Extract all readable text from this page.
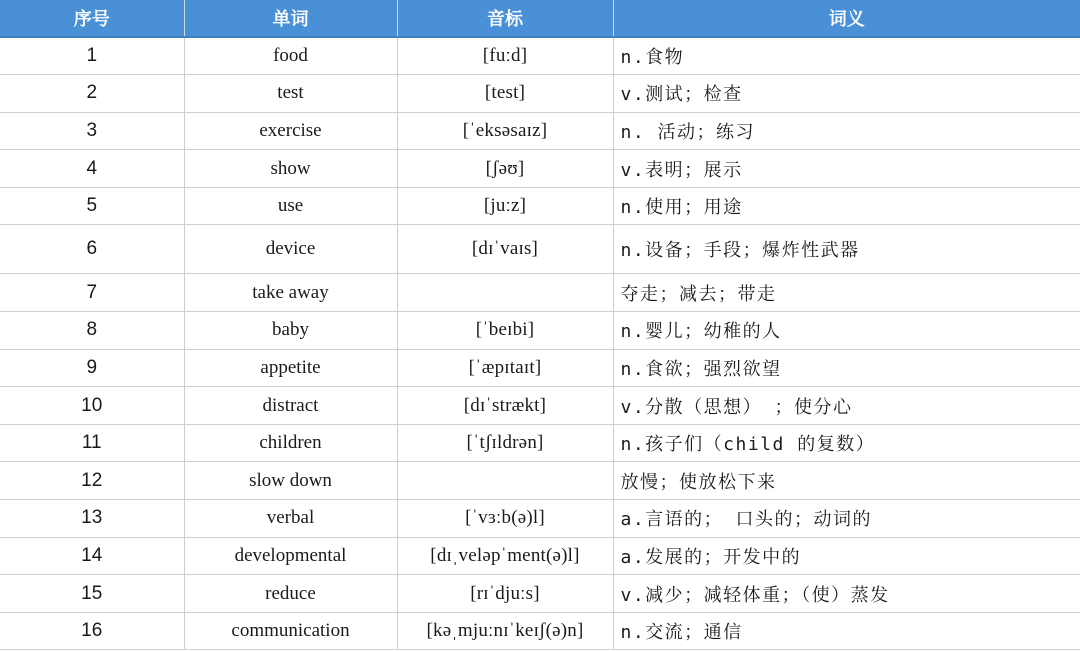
序号	单词	音标	词义
1	food	[fuːd]	n.食物
2	test	[test]	v.测试；检查
3	exercise	[ˈeksəsaɪz]	n. 活动；练习
4	show	[ʃəʊ]	v.表明；展示
5	use	[juːz]	n.使用；用途
6	device	[dɪˈvaɪs]	n.设备；手段；爆炸性武器
7	take away		夺走；减去；带走
8	baby	[ˈbeɪbi]	n.婴儿；幼稚的人
9	appetite	[ˈæpɪtaɪt]	n.食欲；强烈欲望
10	distract	[dɪˈstrækt]	v.分散（思想） ；使分心
11	children	[ˈtʃɪldrən]	n.孩子们（child 的复数）
12	slow down		放慢；使放松下来
13	verbal	[ˈvɜːb(ə)l]	a.言语的； 口头的；动词的
14	developmental	[dɪˌveləpˈment(ə)l]	a.发展的；开发中的
15	reduce	[rɪˈdjuːs]	v.减少；减轻体重；（使）蒸发
16	communication	[kəˌmjuːnɪˈkeɪʃ(ə)n]	n.交流；通信
